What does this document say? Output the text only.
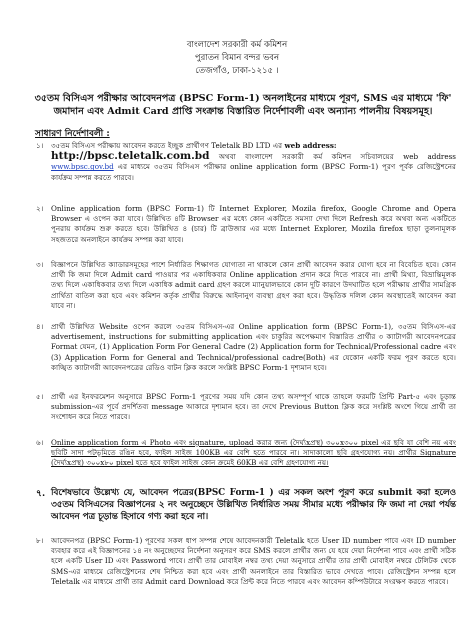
বাংলাদেশ সরকারী কর্ম কমিশন
পুরাতন বিমান বন্দর ভবন
তেজগাঁও, ঢাকা-১২১৫ ।
৩৫তম বিসিএস পরীক্ষার আবেদনপত্র (BPSC Form-1) অনলাইনের মাধ্যমে পূরণ, SMS এর মাধ্যমে 'ফি' জমাদান এবং Admit Card প্রাপ্তি সংক্রান্ত বিস্তারিত নির্দেশাবলী এবং অন্যান্য পালনীয় বিষয়সমূহ।
সাধারণ নির্দেশাবলী :
১।	৩৫তম বিসিএস পরীক্ষায় আবেদন করতে ইচ্ছুক প্রার্থীগণ Teletalk BD LTD এর web address:
http://bpsc.teletalk.com.bd অথবা বাংলাদেশ সরকারী কর্ম কমিশন সচিবালয়ের web address www.bpsc.gov.bd এর মাধ্যমে ৩৫তম বিসিএস পরীক্ষার online application form (BPSC Form-1) পূরণ পূর্বক রেজিস্ট্রেশনের কার্যক্রম সম্পন্ন করতে পারবে।
২।	Online application form (BPSC Form-1) টি Internet Explorer, Mozila firefox, Google Chrome and Opera Browser এ ওপেন করা যাবে। উল্লিখিত ৪টি Browser এর মধ্যে কোন একটিতে সমস্যা দেখা দিলে Refresh করে অথবা অন্য একটিতে পুনরায় কার্যক্রম শুরু করতে হবে। উল্লিখিত ৪ (চার) টি ব্রাউজার এর মধ্যে Internet Explorer, Mozila firefox ছাড়া তুলনামূলক সহজতরে অনলাইনে কার্যক্রম সম্পন্ন করা যাবে।
৩।	বিজ্ঞাপনে উল্লিখিত ক্যাডারসমূহের পাশে নির্ধারিত শিক্ষাগত যোগ্যতা না থাকলে কোন প্রার্থী আবেদন করার যোগ্য হবে না বিবেচিত হবে। কোন প্রার্থী কি জমা দিলে Admit card পাওয়ার পর একাধিকবার Online application প্রদান করে দিতে পারবে না। প্রার্থী মিথ্যা, বিভ্রান্তিমূলক তথ্য দিলে একাধিকবার তথ্য দিলে একাধিক admit card গ্রহণ করলে ম্যানুয়ালভাবে কোন দুটি কারণে উদঘাটিত হলে পরীক্ষায় প্রার্থীর সামগ্রিক প্রার্থিতা বাতিল করা হবে এবং কমিশন কর্তৃক প্রার্থীর বিরুদ্ধে আইনানুগ ব্যবস্থা গ্রহণ করা হবে। উদ্ধৃতিক দলিল কোন অবস্থাতেই আবেদন করা যাবে না।
৪।	প্রার্থী উল্লিখিত Website ওপেন করলে ৩৫তম বিসিএস-এর Online application form (BPSC Form-1), ৩৫তম বিসিএস-এর advertisement, instructions for submitting application এবং চাকুরির অপেক্ষমাণ বিস্তারিত প্রার্থীর ৩ ক্যাটাগরী আবেদনপত্রের Format যেমন, (1) Application Form For General Cadre (2) Application form for Technical/Professional cadre এবং (3) Application Form for General and Technical/professional cadre(Both) এর যেকোন একটি ফরম পূরণ করতে হবে। কাঙ্খিত ক্যাটাগরী আবেদনপত্রের রেডিও বাটন ক্লিক করলে সংশ্লিষ্ট BPSC Form-1 দৃশ্যমান হবে।
৫।	প্রার্থী এর ইনফরমেশন অনুসারে BPSC Form-1 পূরণের সময় যদি কোন তথ্য অসম্পূর্ণ থাকে তাহলে ফরমটি প্রিন্টি Part-৫ এবং চূড়ান্ত submission-এর পূর্বে প্রদর্শিতব্য message আকারে দৃশ্যমান হবে। তা দেখে Previous Button ক্লিক করে সংশ্লিষ্ট অংশে গিয়ে প্রার্থী তা সংশোধন করে নিতে পারবে।
৬।	Online application form এ Photo এবং signature, upload করার জন্য (দৈর্ঘ্যxপ্রস্থ) ৩০০x৩০০ pixel এর ছবি যা বেশি নয় এবং ছবিটি সাদা পটভূমিতে রঙিন হবে, ফাইল সাইজ 100KB এর বেশি হতে পারবে না। সাদাকালো ছবি গ্রহণযোগ্য নয়। প্রার্থীর Signature (দৈর্ঘ্যxপ্রস্থ) ৩০০x৮০ pixel হতে হবে ফাইল সাইজ কোন ক্রমেই 60KB এর বেশি গ্রহণযোগ্য নয়।
৭. বিশেষভাবে উল্লেখ্য যে, আবেদন পত্রের(BPSC Form-1 ) এর সকল অংশ পূরণ করে submit করা হলেও ৩৫তম বিসিএসের বিজ্ঞাপনের ২ নং অনুচ্ছেদে উল্লিখিত নির্ধারিত সময় সীমার মধ্যে পরীক্ষার ফি জমা না দেয়া পর্যন্ত আবেদন পত্র চূড়ান্ত হিসাবে গণ্য করা হবে না।
৮।	আবেদনপত্র (BPSC Form-1) পূরণের সকল ধাপ সম্পন্ন শেষে আবেদনকারী Teletalk হতে User ID number পাবে এবং ID number ব্যবহার করে এই বিজ্ঞাপনের ১৪ নং অনুচ্ছেদের নির্দেশনা অনুসরণ করে SMS করলে প্রার্থীর জন্য যে হয়ে দেয়া নির্দেশনা পাবে এবং প্রার্থী সঠিক হলে একটি User ID এবং Password পাবে। প্রার্থী তার মোবাইল নম্বর তথ্য দেয়া অনুসারে প্রার্থীর তার প্রার্থী মোবাইল নম্বরে টেলিটক থেকে SMS-এর মাধ্যমে রেজিস্ট্রেশনের শেষ নিশ্চিত করা হবে এবং প্রার্থী অনলাইনে তার বিস্তারিত ভাবে দেখতে পাবে। রেজিস্ট্রেশন সম্পন্ন হলে Teletalk এর মাধ্যমে প্রার্থী তার Admit card Download করে প্রিন্ট করে নিতে পারবে এবং আবেদন কম্পিউটারে সংরক্ষণ করতে পারবে।
